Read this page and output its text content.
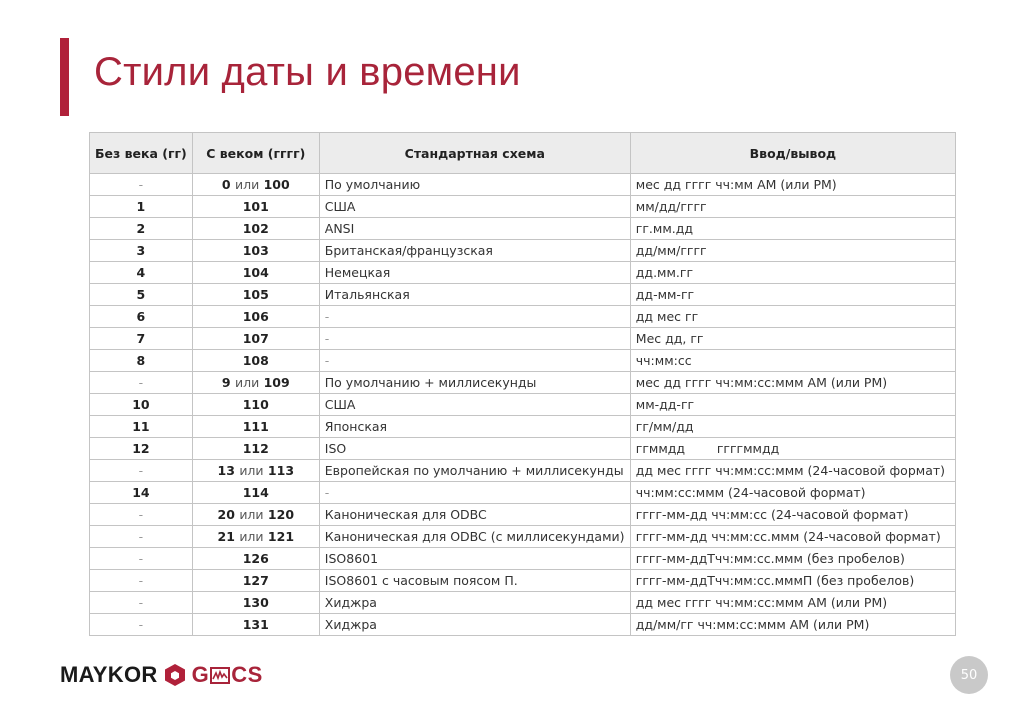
Стили даты и времени
Без века (гг)	С веком (гггг)	Стандартная схема	Ввод/вывод
-	0 или 100	По умолчанию	мес дд гггг чч:мм AM (или PM)
1	101	США	мм/дд/гггг
2	102	ANSI	гг.мм.дд
3	103	Британская/французская	дд/мм/гггг
4	104	Немецкая	дд.мм.гг
5	105	Итальянская	дд-мм-гг
6	106	-	дд мес гг
7	107	-	Мес дд, гг
8	108	-	чч:мм:сс
-	9 или 109	По умолчанию + миллисекунды	мес дд гггг чч:мм:сс:ммм AM (или PM)
10	110	США	мм-дд-гг
11	111	Японская	гг/мм/дд
12	112	ISO	ггммдд        ггггммдд
-	13 или 113	Европейская по умолчанию + миллисекунды	дд мес гггг чч:мм:сс:ммм (24-часовой формат)
14	114	-	чч:мм:сс:ммм (24-часовой формат)
-	20 или 120	Каноническая для ODBC	гггг-мм-дд чч:мм:сс (24-часовой формат)
-	21 или 121	Каноническая для ODBC (с миллисекундами)	гггг-мм-дд чч:мм:сс.ммм (24-часовой формат)
-	126	ISO8601	гггг-мм-ддТчч:мм:сс.ммм (без пробелов)
-	127	ISO8601 с часовым поясом П.	гггг-мм-ддТчч:мм:сс.мммП (без пробелов)
-	130	Хиджра	дд мес гггг чч:мм:сс:ммм AM (или PM)
-	131	Хиджра	дд/мм/гг чч:мм:сс:ммм AM (или PM)
MAYKOR G CS	50
